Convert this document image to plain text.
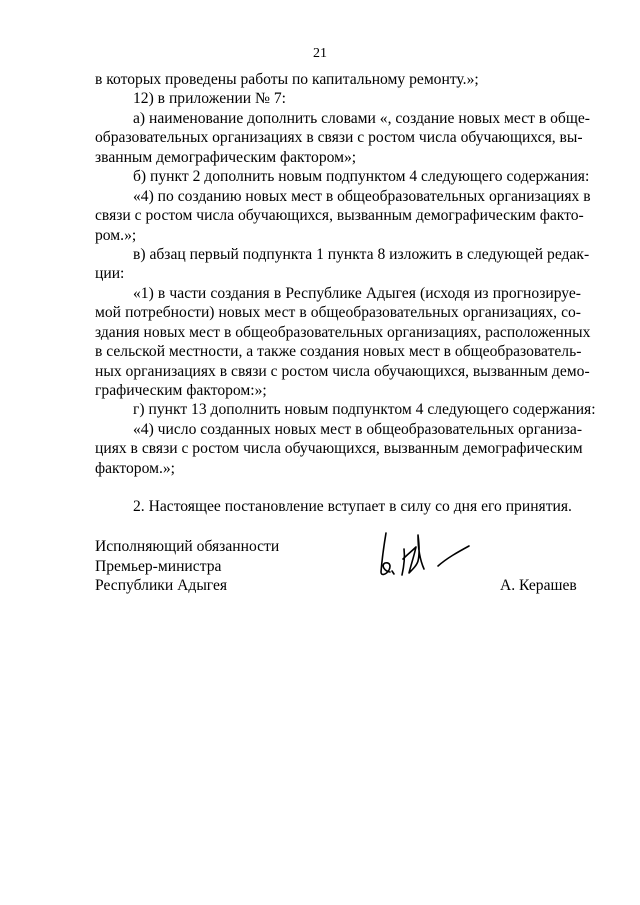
21
в которых проведены работы по капитальному ремонту.»;
12) в приложении № 7:
а) наименование дополнить словами «, создание новых мест в обще-
образовательных организациях в связи с ростом числа обучающихся, вы-
званным демографическим фактором»;
б) пункт 2 дополнить новым подпунктом 4 следующего содержания:
«4) по созданию новых мест в общеобразовательных организациях в
связи с ростом числа обучающихся, вызванным демографическим факто-
ром.»;
в) абзац первый подпункта 1 пункта 8 изложить в следующей редак-
ции:
«1) в части создания в Республике Адыгея (исходя из прогнозируе-
мой потребности) новых мест в общеобразовательных организациях, со-
здания новых мест в общеобразовательных организациях, расположенных
в сельской местности, а также создания новых мест в общеобразователь-
ных организациях в связи с ростом числа обучающихся, вызванным демо-
графическим фактором:»;
г) пункт 13 дополнить новым подпунктом 4 следующего содержания:
«4) число созданных новых мест в общеобразовательных организа-
циях в связи с ростом числа обучающихся, вызванным демографическим
фактором.»;
2. Настоящее постановление вступает в силу со дня его принятия.
Исполняющий обязанности
Премьер-министра
Республики Адыгея	А. Керашев
